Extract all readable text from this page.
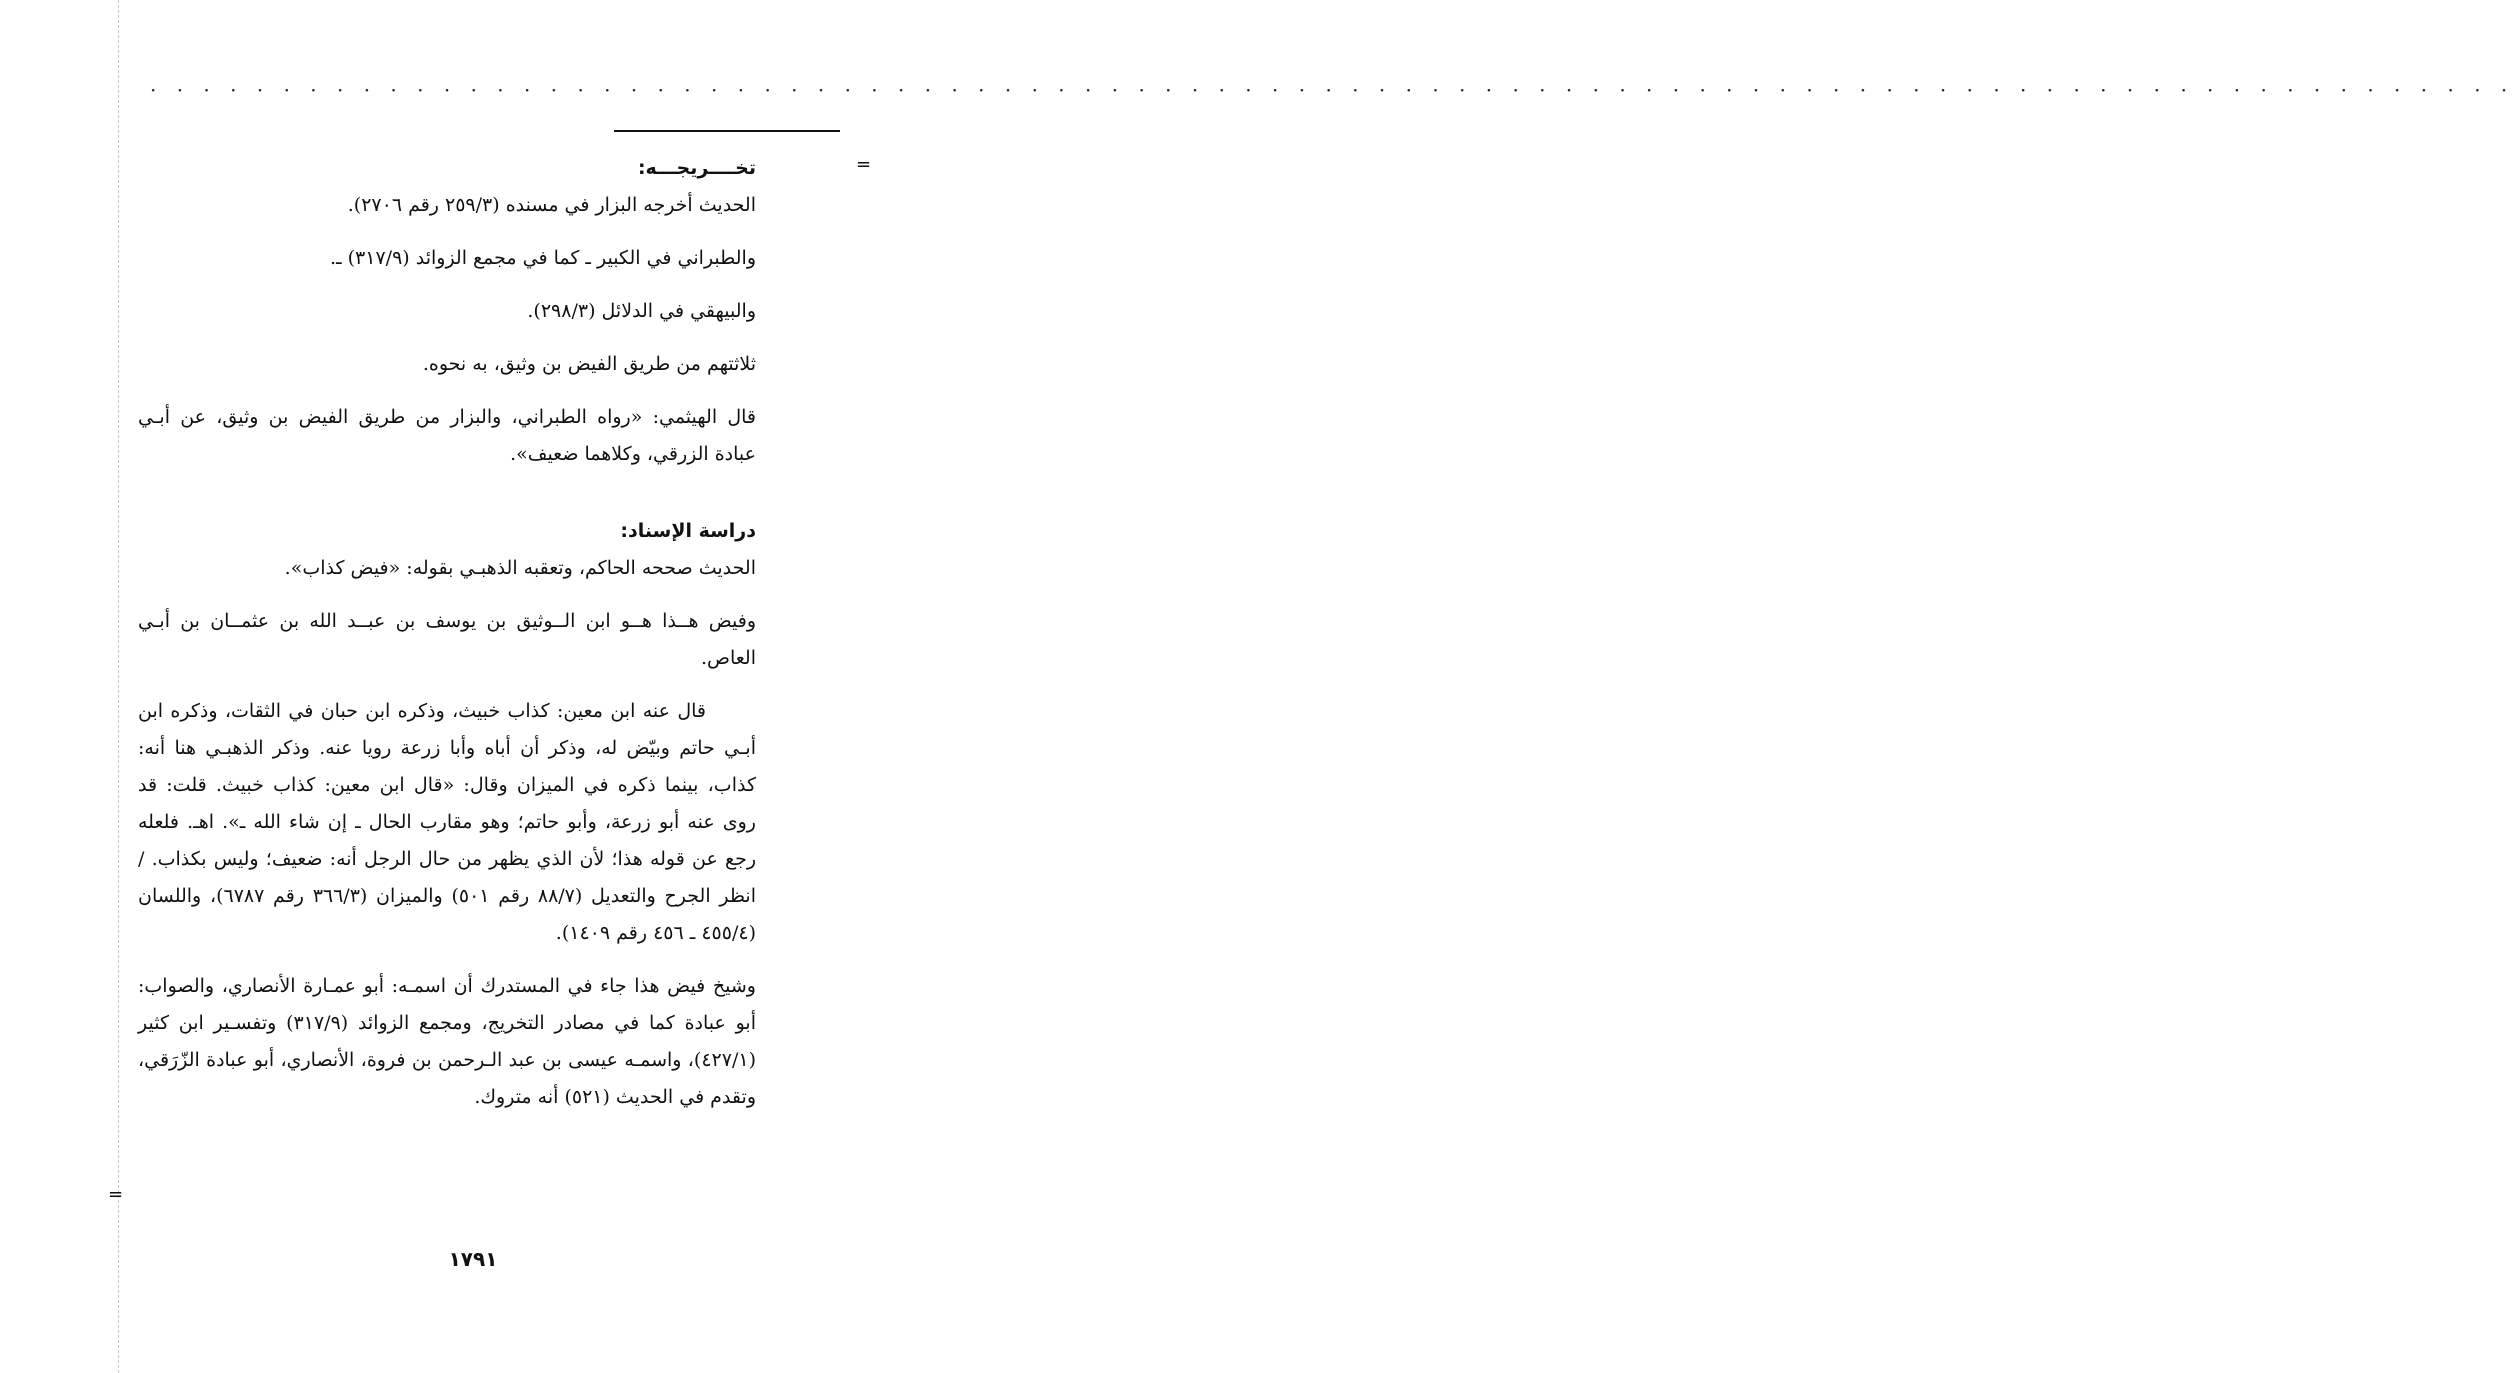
· · · · · · · · · · · · · · · · · · · · · · · · · · · · · · · · · · · · · · · · · · · · · · · · · · · · · · · · · · · · · · · · · · · · · · · · · · · · · · · · · · · · · · · · ·
=
=

تخــــريجـــه:

الحديث أخرجه البزار في مسنده (٢٥٩/٣ رقم ٢٧٠٦).

والطبراني في الكبير ـ كما في مجمع الزوائد (٣١٧/٩) ـ.

والبيهقي في الدلائل (٢٩٨/٣).

ثلاثتهم من طريق الفيض بن وثيق، به نحوه.

قال الهيثمي: «رواه الطبراني، والبزار من طريق الفيض بن وثيق، عن أبـي عبادة الزرقي، وكلاهما ضعيف».

دراسة الإسناد:

الحديث صححه الحاكم، وتعقبه الذهبـي بقوله: «فيض كذاب».

وفيض هــذا هــو ابن الــوثيق بن يوسف بن عبــد الله بن عثمــان بن أبـي العاص.

قال عنه ابن معين: كذاب خبيث، وذكره ابن حبان في الثقات، وذكره ابن أبـي حاتم وبيّض له، وذكر أن أباه وأبا زرعة رويا عنه. وذكر الذهبـي هنا أنه: كذاب، بينما ذكره في الميزان وقال: «قال ابن معين: كذاب خبيث. قلت: قد روى عنه أبو زرعة، وأبو حاتم؛ وهو مقارب الحال ـ إن شاء الله ـ». اهـ. فلعله رجع عن قوله هذا؛ لأن الذي يظهر من حال الرجل أنه: ضعيف؛ وليس بكذاب. / انظر الجرح والتعديل (٨٨/٧ رقم ٥٠١) والميزان (٣٦٦/٣ رقم ٦٧٨٧)، واللسان (٤٥٥/٤ ـ ٤٥٦ رقم ١٤٠٩).

وشيخ فيض هذا جاء في المستدرك أن اسمـه: أبو عمـارة الأنصاري، والصواب: أبو عبادة كما في مصادر التخريج، ومجمع الزوائد (٣١٧/٩) وتفسـير ابن كثير (٤٢٧/١)، واسمـه عيسى بن عبد الـرحمن بن فروة، الأنصاري، أبو عبادة الزّرَقي، وتقدم في الحديث (٥٢١) أنه متروك.

١٧٩١
